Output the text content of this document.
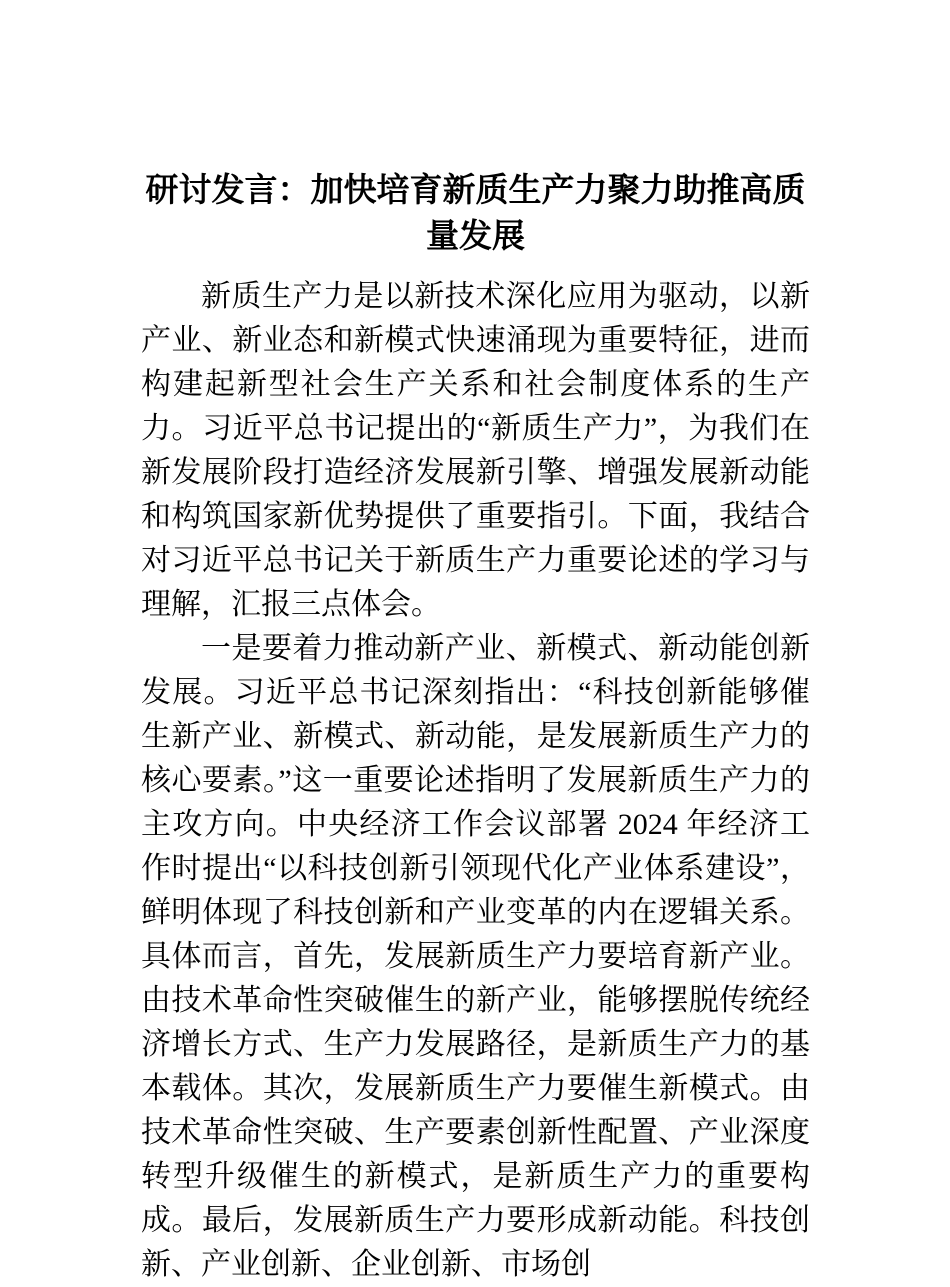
研讨发言：加快培育新质生产力聚力助推高质量发展

新质生产力是以新技术深化应用为驱动，以新产业、新业态和新模式快速涌现为重要特征，进而构建起新型社会生产关系和社会制度体系的生产力。习近平总书记提出的“新质生产力”，为我们在新发展阶段打造经济发展新引擎、增强发展新动能和构筑国家新优势提供了重要指引。下面，我结合对习近平总书记关于新质生产力重要论述的学习与理解，汇报三点体会。

一是要着力推动新产业、新模式、新动能创新发展。习近平总书记深刻指出：“科技创新能够催生新产业、新模式、新动能，是发展新质生产力的核心要素。”这一重要论述指明了发展新质生产力的主攻方向。中央经济工作会议部署 2024 年经济工作时提出“以科技创新引领现代化产业体系建设”，鲜明体现了科技创新和产业变革的内在逻辑关系。具体而言，首先，发展新质生产力要培育新产业。由技术革命性突破催生的新产业，能够摆脱传统经济增长方式、生产力发展路径，是新质生产力的基本载体。其次，发展新质生产力要催生新模式。由技术革命性突破、生产要素创新性配置、产业深度转型升级催生的新模式，是新质生产力的重要构成。最后，发展新质生产力要形成新动能。科技创新、产业创新、企业创新、市场创
